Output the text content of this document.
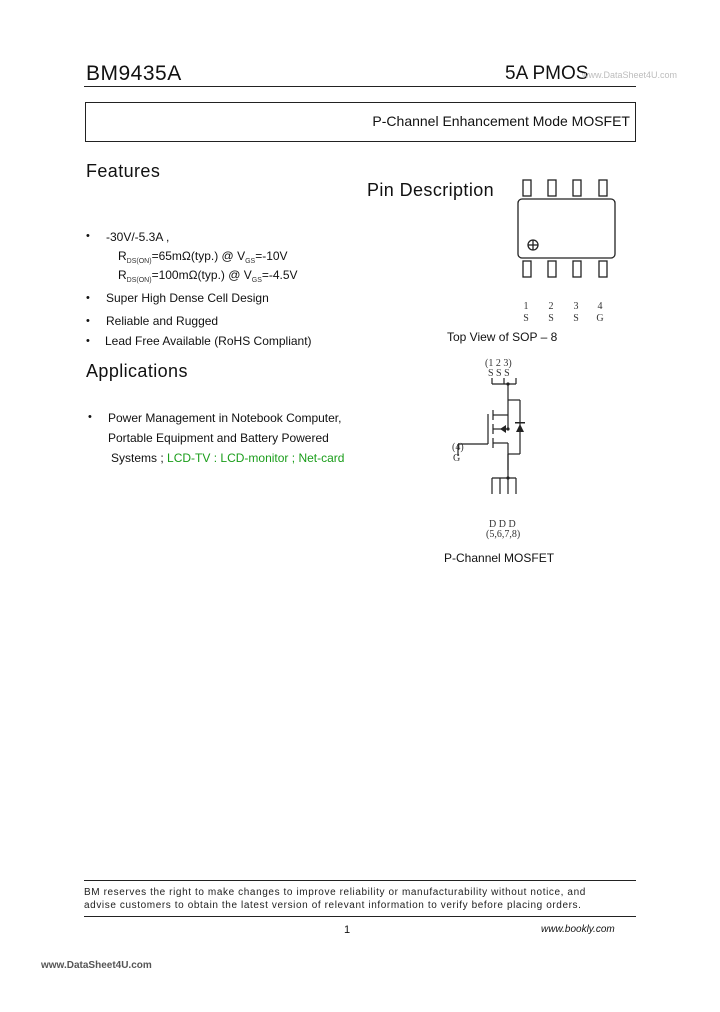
BM9435A	5A PMOS
www.DataSheet4U.com
P-Channel Enhancement Mode MOSFET
Features
• -30V/-5.3A ,
$R_{DS(ON)}=65m\Omega(typ.)$ @ $V_{GS}=-10V$
$R_{DS(ON)}=100m\Omega(typ.)$ @ $V_{GS}=-4.5V$
• Super High Dense Cell Design
• Reliable and Rugged
• Lead Free Available (RoHS Compliant)
Pin Description
1	2	3	4
S	S	S	G
Top View of SOP – 8
Applications
• Power Management in Notebook Computer,
Portable Equipment and Battery Powered
Systems ; LCD-TV : LCD-monitor ; Net-card
(1 2 3)
S S S
(4)
G
D D D
(5,6,7,8)
P-Channel MOSFET
BM reserves the right to make changes to improve reliability or manufacturability without notice, and
advise customers to obtain the latest version of relevant information to verify before placing orders.
1	www.bookly.com
www.DataSheet4U.com
